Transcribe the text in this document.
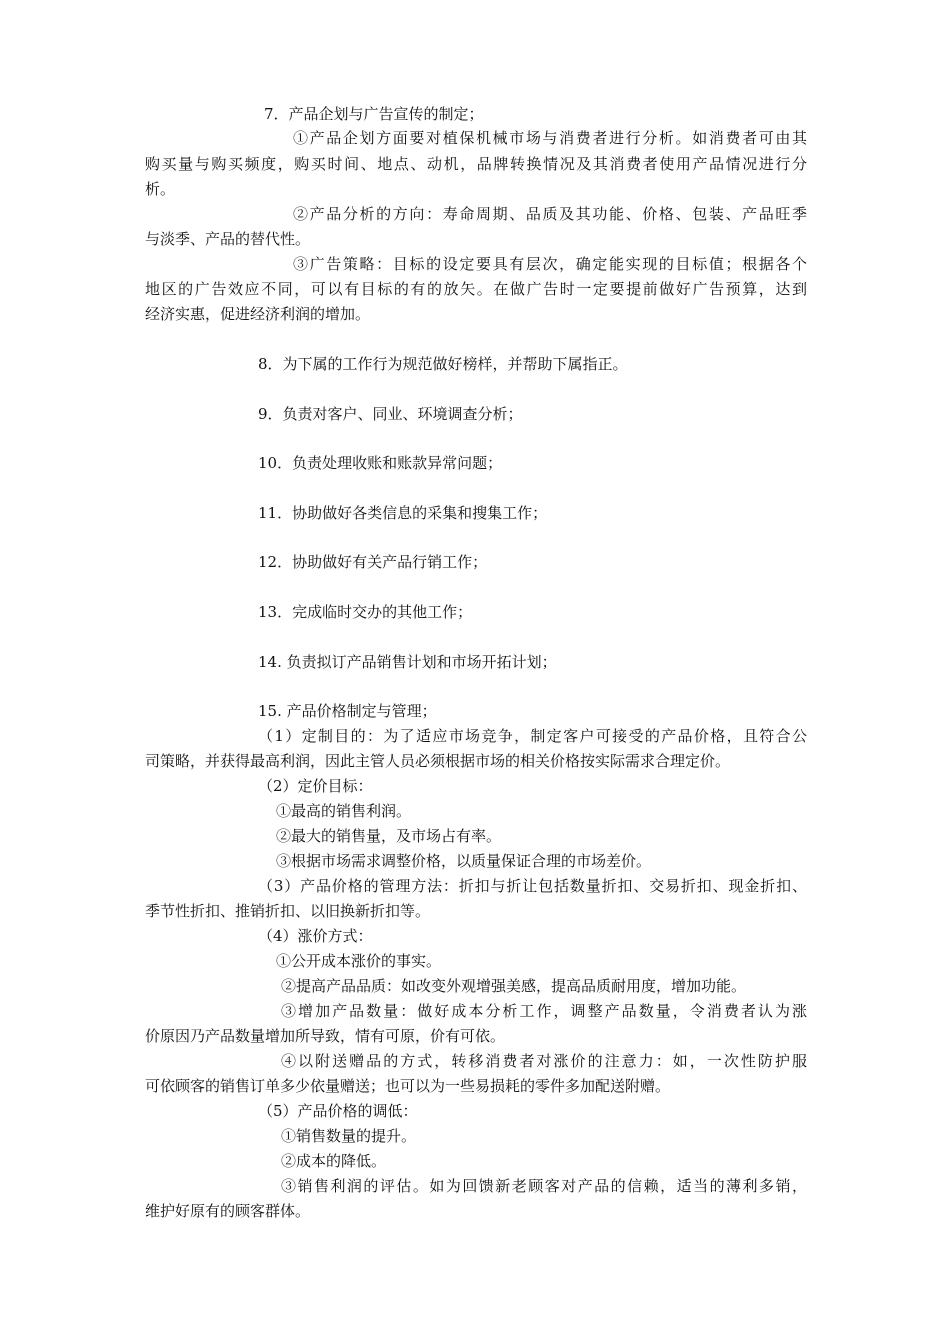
7．产品企划与广告宣传的制定；
①产品企划方面要对植保机械市场与消费者进行分析。如消费者可由其
购买量与购买频度，购买时间、地点、动机，品牌转换情况及其消费者使用产品情况进行分
析。
②产品分析的方向：寿命周期、品质及其功能、价格、包装、产品旺季
与淡季、产品的替代性。
③广告策略：目标的设定要具有层次，确定能实现的目标值；根据各个
地区的广告效应不同，可以有目标的有的放矢。在做广告时一定要提前做好广告预算，达到
经济实惠，促进经济利润的增加。
8．为下属的工作行为规范做好榜样，并帮助下属指正。
9．负责对客户、同业、环境调查分析；
10．负责处理收账和账款异常问题；
11．协助做好各类信息的采集和搜集工作；
12．协助做好有关产品行销工作；
13．完成临时交办的其他工作；
14. 负责拟订产品销售计划和市场开拓计划；
15. 产品价格制定与管理；
（1）定制目的：为了适应市场竞争，制定客户可接受的产品价格，且符合公
司策略，并获得最高利润，因此主管人员必须根据市场的相关价格按实际需求合理定价。
（2）定价目标：
①最高的销售利润。
②最大的销售量，及市场占有率。
③根据市场需求调整价格，以质量保证合理的市场差价。
（3）产品价格的管理方法：折扣与折让包括数量折扣、交易折扣、现金折扣、
季节性折扣、推销折扣、以旧换新折扣等。
（4）涨价方式：
①公开成本涨价的事实。
②提高产品品质：如改变外观增强美感，提高品质耐用度，增加功能。
③增加产品数量：做好成本分析工作，调整产品数量，令消费者认为涨
价原因乃产品数量增加所导致，情有可原，价有可依。
④以附送赠品的方式，转移消费者对涨价的注意力：如，一次性防护服
可依顾客的销售订单多少依量赠送；也可以为一些易损耗的零件多加配送附赠。
（5）产品价格的调低：
①销售数量的提升。
②成本的降低。
③销售利润的评估。如为回馈新老顾客对产品的信赖，适当的薄利多销，
维护好原有的顾客群体。
